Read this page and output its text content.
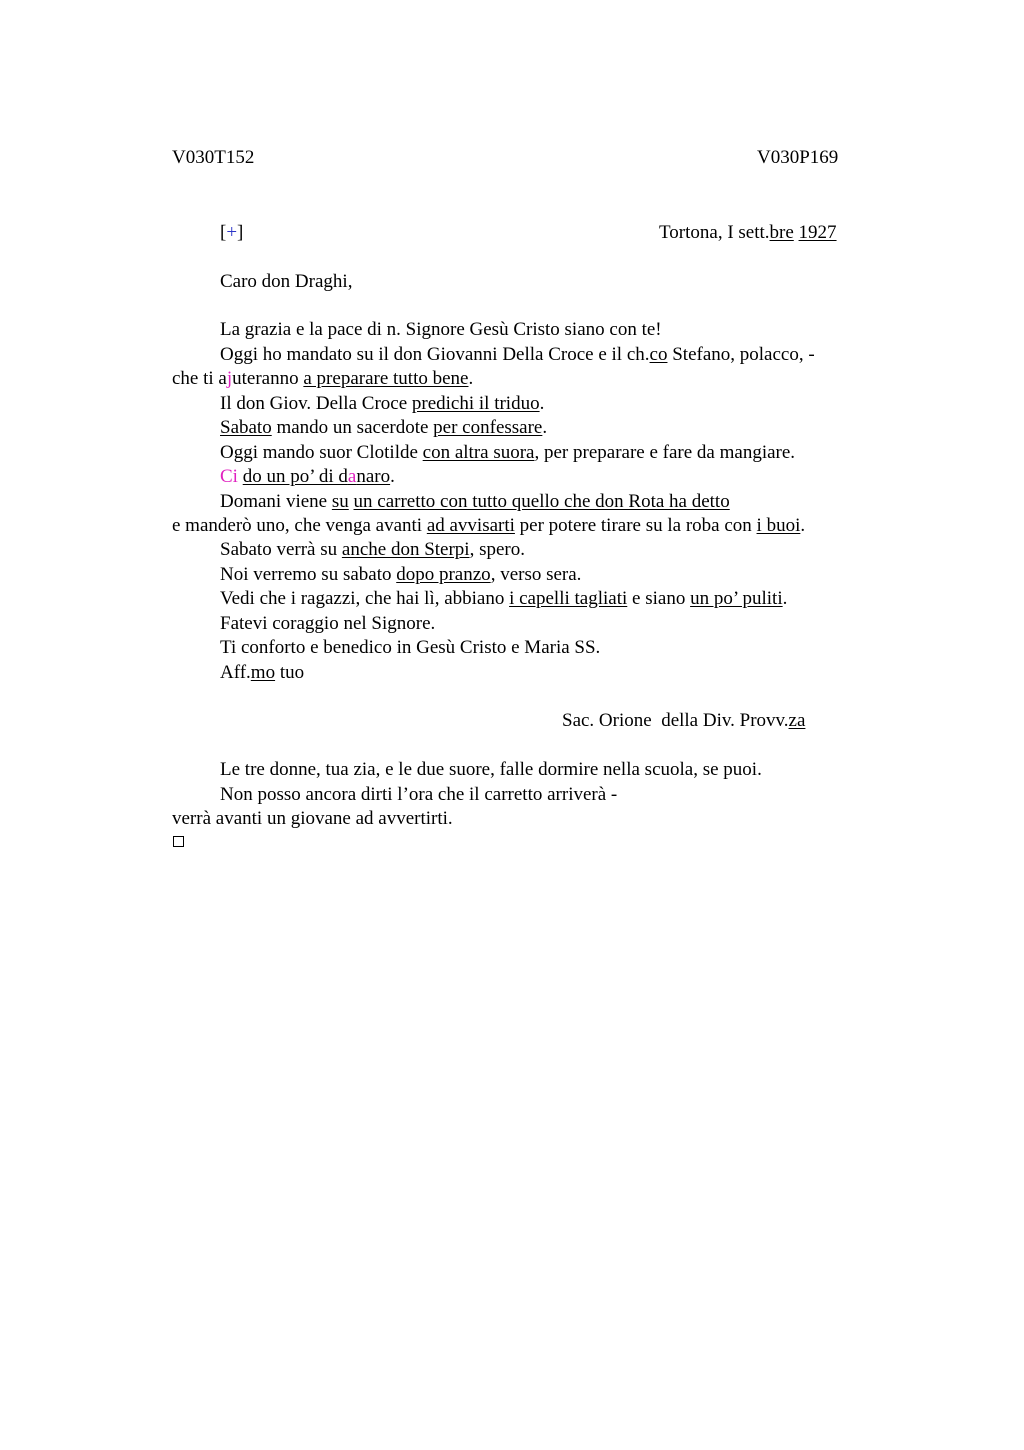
V030T152	V030P169
[+]	Tortona, I sett.bre 1927
Caro don Draghi,
La grazia e la pace di n. Signore Gesù Cristo siano con te!
Oggi ho mandato su il don Giovanni Della Croce e il ch.co Stefano, polacco, -
che ti ajuteranno a preparare tutto bene.
Il don Giov. Della Croce predichi il triduo.
Sabato mando un sacerdote per confessare.
Oggi mando suor Clotilde con altra suora, per preparare e fare da mangiare.
Ci do un po’ di danaro.
Domani viene su un carretto con tutto quello che don Rota ha detto
e manderò uno, che venga avanti ad avvisarti per potere tirare su la roba con i buoi.
Sabato verrà su anche don Sterpi, spero.
Noi verremo su sabato dopo pranzo, verso sera.
Vedi che i ragazzi, che hai lì, abbiano i capelli tagliati e siano un po’ puliti.
Fatevi coraggio nel Signore.
Ti conforto e benedico in Gesù Cristo e Maria SS.
Aff.mo tuo
Sac. Orione  della Div. Provv.za
Le tre donne, tua zia, e le due suore, falle dormire nella scuola, se puoi.
Non posso ancora dirti l’ora che il carretto arriverà -
verrà avanti un giovane ad avvertirti.
